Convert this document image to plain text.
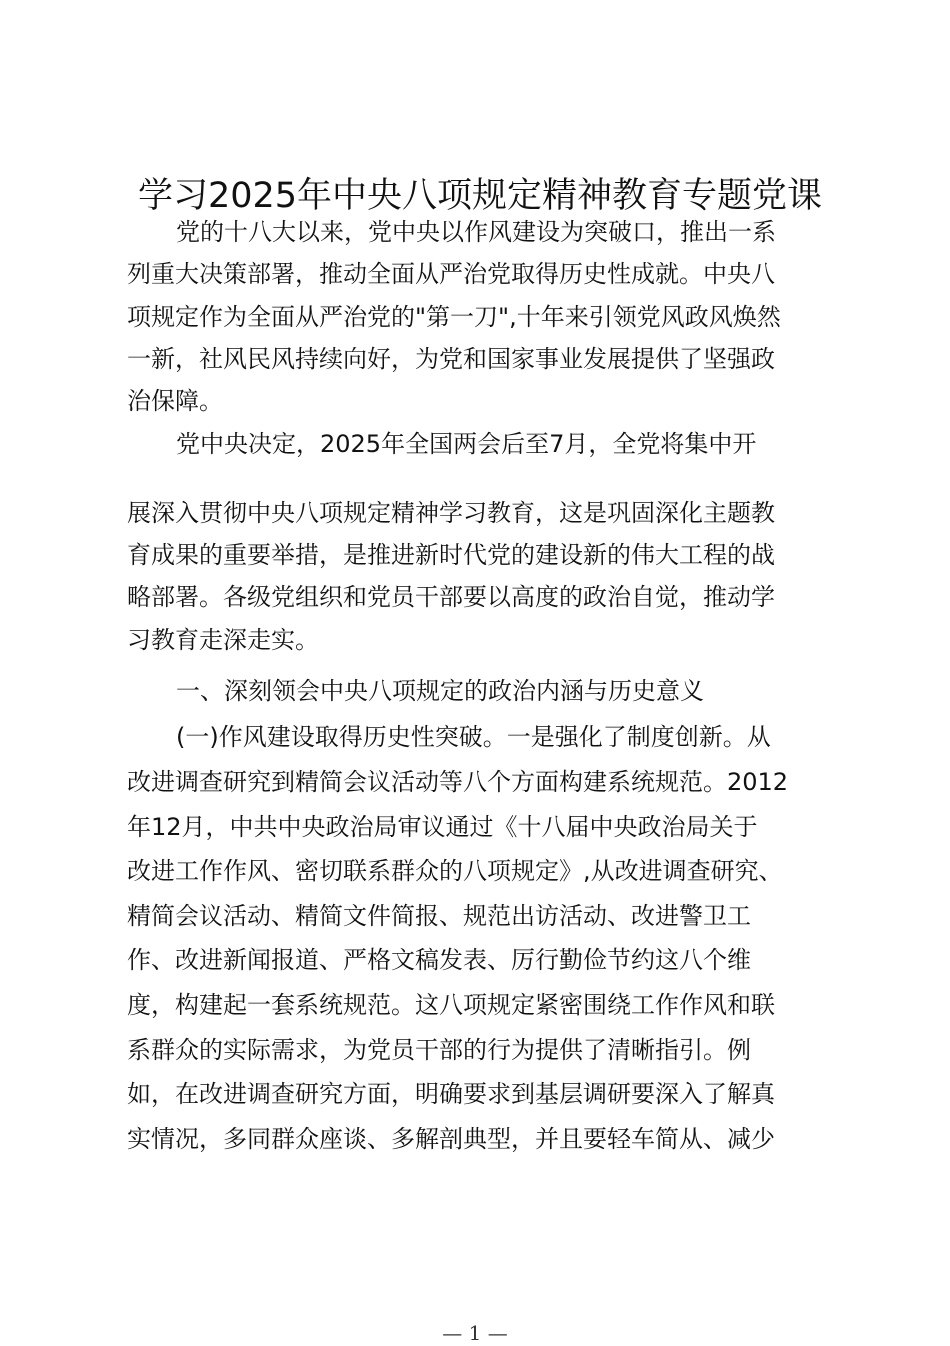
学习2025年中央八项规定精神教育专题党课
党的十八大以来，党中央以作风建设为突破口，推出一系
列重大决策部署，推动全面从严治党取得历史性成就。中央八
项规定作为全面从严治党的"第一刀",十年来引领党风政风焕然
一新，社风民风持续向好，为党和国家事业发展提供了坚强政
治保障。
党中央决定，2025年全国两会后至7月，全党将集中开
展深入贯彻中央八项规定精神学习教育，这是巩固深化主题教
育成果的重要举措，是推进新时代党的建设新的伟大工程的战
略部署。各级党组织和党员干部要以高度的政治自觉，推动学
习教育走深走实。
一、深刻领会中央八项规定的政治内涵与历史意义
(一)作风建设取得历史性突破。一是强化了制度创新。从
改进调查研究到精简会议活动等八个方面构建系统规范。2012
年12月，中共中央政治局审议通过《十八届中央政治局关于
改进工作作风、密切联系群众的八项规定》,从改进调查研究、
精简会议活动、精简文件简报、规范出访活动、改进警卫工
作、改进新闻报道、严格文稿发表、厉行勤俭节约这八个维
度，构建起一套系统规范。这八项规定紧密围绕工作作风和联
系群众的实际需求，为党员干部的行为提供了清晰指引。例
如，在改进调查研究方面，明确要求到基层调研要深入了解真
实情况，多同群众座谈、多解剖典型，并且要轻车简从、减少
— 1 —
